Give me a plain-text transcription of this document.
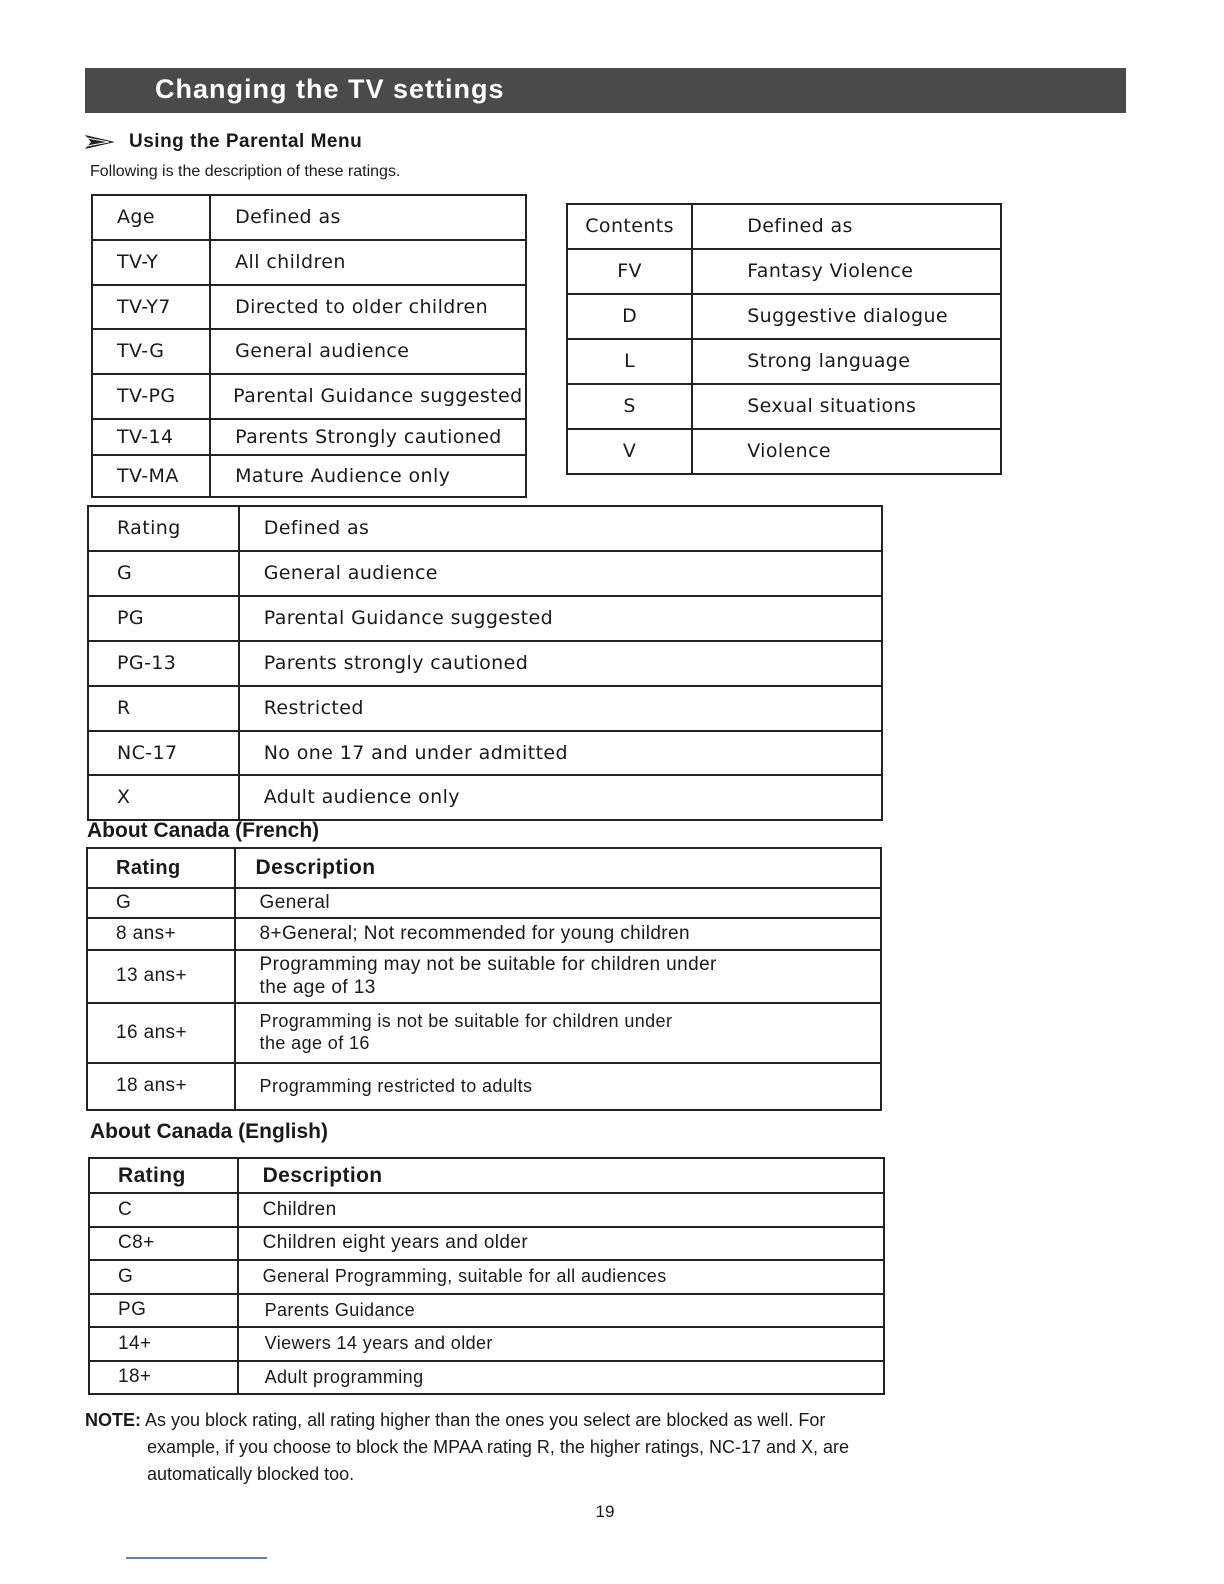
Changing the TV settings
Using the Parental Menu
Following is the description of these ratings.
Age	Defined as
TV-Y	All children
TV-Y7	Directed to older children
TV-G	General audience
TV-PG	Parental Guidance suggested
TV-14	Parents Strongly cautioned
TV-MA	Mature Audience only
Contents	Defined as
FV	Fantasy Violence
D	Suggestive dialogue
L	Strong language
S	Sexual situations
V	Violence
Rating	Defined as
G	General audience
PG	Parental Guidance suggested
PG-13	Parents strongly cautioned
R	Restricted
NC-17	No one 17 and under admitted
X	Adult audience only
About Canada (French)
Rating	Description
G	General
8 ans+	8+General; Not recommended for young children
13 ans+	Programming may not be suitable for children under
the age of 13

16 ans+	Programming is not be suitable for children under
the age of 16

18 ans+	Programming restricted to adults
About Canada (English)
Rating	Description
C	Children
C8+	Children eight years and older
G	General Programming, suitable for all audiences
PG	Parents Guidance
14+	Viewers 14 years and older
18+	Adult programming
NOTE: As you block rating, all rating higher than the ones you select are blocked as well. For
example, if you choose to block the MPAA rating R, the higher ratings, NC-17 and X, are
automatically blocked too.
19
